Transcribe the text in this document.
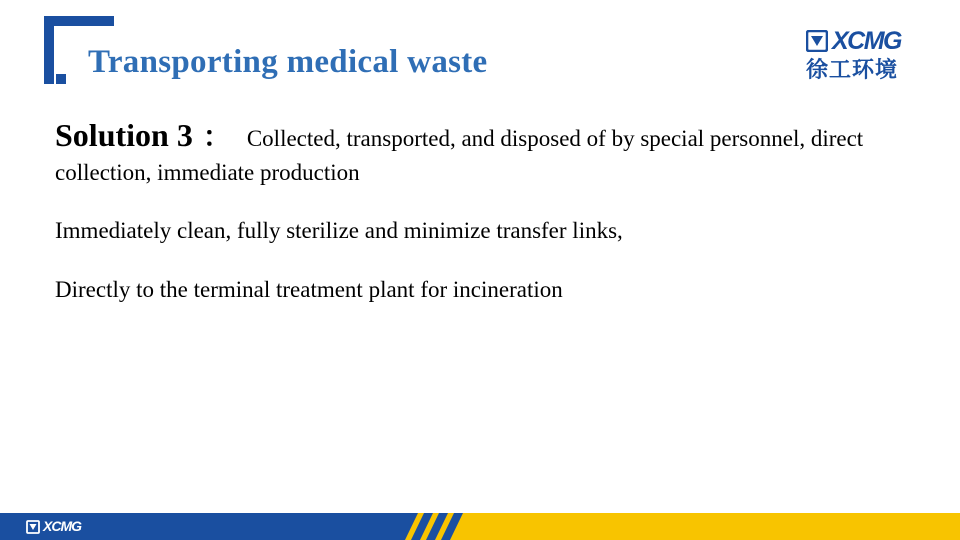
Transporting medical waste
XCMG
徐工环境

Solution 3 ： Collected, transported, and disposed of by special personnel, direct collection, immediate production

Immediately clean, fully sterilize and minimize transfer links,

Directly to the terminal treatment plant for incineration

XCMG
